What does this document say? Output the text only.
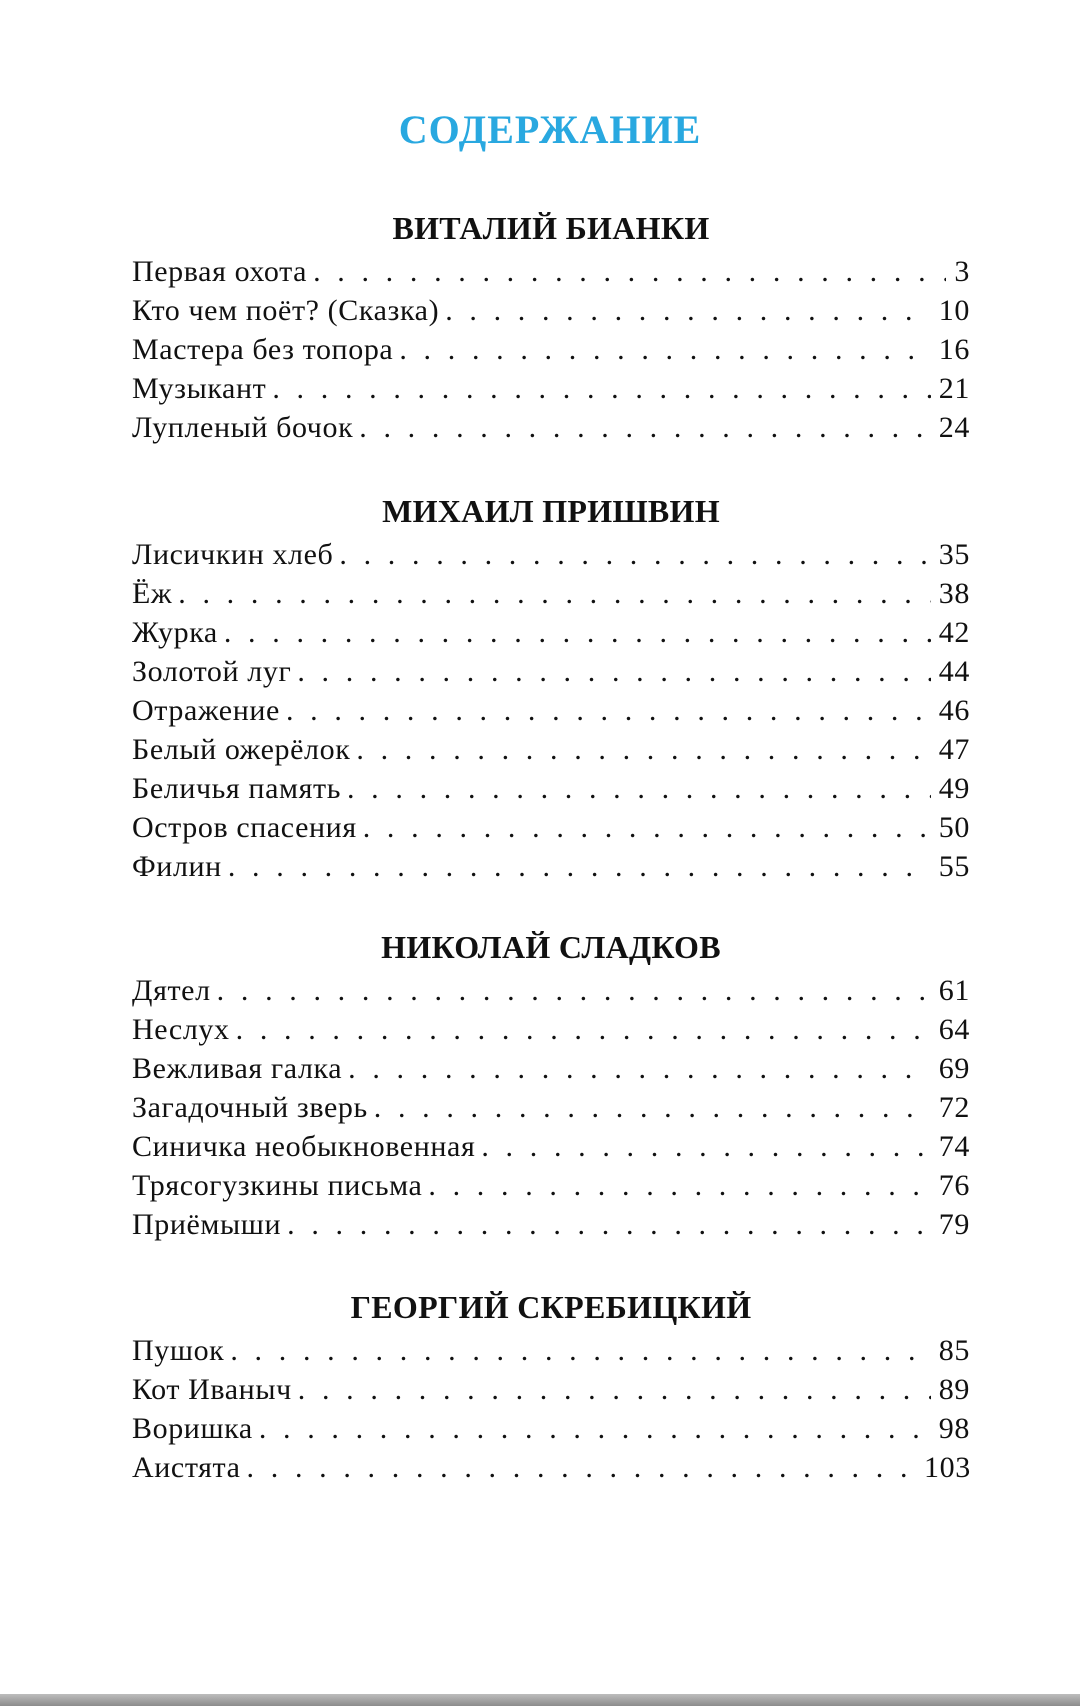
СОДЕРЖАНИЕ
ВИТАЛИЙ БИАНКИ
Первая охота . . .	3
Кто чем поёт? (Сказка) . . .	10
Мастера без топора . . .	16
Музыкант . . .	21
Лупленый бочок . . .	24
МИХАИЛ ПРИШВИН
Лисичкин хлеб . . .	35
Ёж . . .	38
Журка . . .	42
Золотой луг . . .	44
Отражение . . .	46
Белый ожерёлок . . .	47
Беличья память . . .	49
Остров спасения . . .	50
Филин . . .	55
НИКОЛАЙ СЛАДКОВ
Дятел . . .	61
Неслух . . .	64
Вежливая галка . . .	69
Загадочный зверь . . .	72
Синичка необыкновенная . . .	74
Трясогузкины письма . . .	76
Приёмыши . . .	79
ГЕОРГИЙ СКРЕБИЦКИЙ
Пушок . . .	85
Кот Иваныч . . .	89
Воришка . . .	98
Аистята . . .	103
